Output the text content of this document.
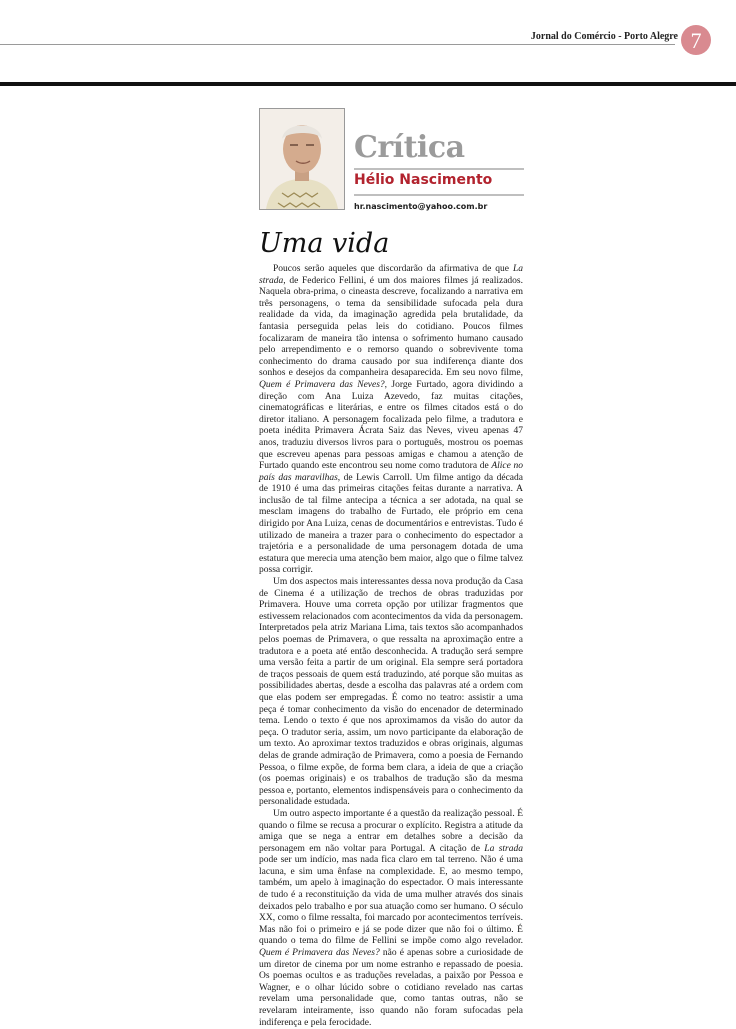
Jornal do Comércio - Porto Alegre 7
Crítica
Hélio Nascimento
hr.nascimento@yahoo.com.br
Uma vida

Poucos serão aqueles que discordarão da afirmativa de que La strada, de Federico Fellini, é um dos maiores filmes já realizados. Naquela obra-prima, o cineasta descreve, focalizando a narrativa em três personagens, o tema da sensibilidade sufocada pela dura realidade da vida, da imaginação agredida pela brutalidade, da fantasia perseguida pelas leis do cotidiano. Poucos filmes focalizaram de maneira tão intensa o sofrimento humano causado pelo arrependimento e o remorso quando o sobrevivente toma conhecimento do drama causado por sua indiferença diante dos sonhos e desejos da companheira desaparecida. Em seu novo filme, Quem é Primavera das Neves?, Jorge Furtado, agora dividindo a direção com Ana Luiza Azevedo, faz muitas citações, cinematográficas e literárias, e entre os filmes citados está o do diretor italiano. A personagem focalizada pelo filme, a tradutora e poeta inédita Primavera Ácrata Saiz das Neves, viveu apenas 47 anos, traduziu diversos livros para o português, mostrou os poemas que escreveu apenas para pessoas amigas e chamou a atenção de Furtado quando este encontrou seu nome como tradutora de Alice no país das maravilhas, de Lewis Carroll. Um filme antigo da década de 1910 é uma das primeiras citações feitas durante a narrativa. A inclusão de tal filme antecipa a técnica a ser adotada, na qual se mesclam imagens do trabalho de Furtado, ele próprio em cena dirigido por Ana Luiza, cenas de documentários e entrevistas. Tudo é utilizado de maneira a trazer para o conhecimento do espectador a trajetória e a personalidade de uma personagem dotada de uma estatura que merecia uma atenção bem maior, algo que o filme talvez possa corrigir.

Um dos aspectos mais interessantes dessa nova produção da Casa de Cinema é a utilização de trechos de obras traduzidas por Primavera. Houve uma correta opção por utilizar fragmentos que estivessem relacionados com acontecimentos da vida da personagem. Interpretados pela atriz Mariana Lima, tais textos são acompanhados pelos poemas de Primavera, o que ressalta na aproximação entre a tradutora e a poeta até então desconhecida. A tradução será sempre uma versão feita a partir de um original. Ela sempre será portadora de traços pessoais de quem está traduzindo, até porque são muitas as possibilidades abertas, desde a escolha das palavras até a ordem com que elas podem ser empregadas. É como no teatro: assistir a uma peça é tomar conhecimento da visão do encenador de determinado tema. Lendo o texto é que nos aproximamos da visão do autor da peça. O tradutor seria, assim, um novo participante da elaboração de um texto. Ao aproximar textos traduzidos e obras originais, algumas delas de grande admiração de Primavera, como a poesia de Fernando Pessoa, o filme expõe, de forma bem clara, a ideia de que a criação (os poemas originais) e os trabalhos de tradução são da mesma pessoa e, portanto, elementos indispensáveis para o conhecimento da personalidade estudada.

Um outro aspecto importante é a questão da realização pessoal. É quando o filme se recusa a procurar o explícito. Registra a atitude da amiga que se nega a entrar em detalhes sobre a decisão da personagem em não voltar para Portugal. A citação de La strada pode ser um indício, mas nada fica claro em tal terreno. Não é uma lacuna, e sim uma ênfase na complexidade. E, ao mesmo tempo, também, um apelo à imaginação do espectador. O mais interessante de tudo é a reconstituição da vida de uma mulher através dos sinais deixados pelo trabalho e por sua atuação como ser humano. O século XX, como o filme ressalta, foi marcado por acontecimentos terríveis. Mas não foi o primeiro e já se pode dizer que não foi o último. É quando o tema do filme de Fellini se impõe como algo revelador. Quem é Primavera das Neves? não é apenas sobre a curiosidade de um diretor de cinema por um nome estranho e repassado de poesia. Os poemas ocultos e as traduções reveladas, a paixão por Pessoa e Wagner, e o olhar lúcido sobre o cotidiano revelado nas cartas revelam uma personalidade que, como tantas outras, não se revelaram inteiramente, isso quando não foram sufocadas pela indiferença e pela ferocidade.
